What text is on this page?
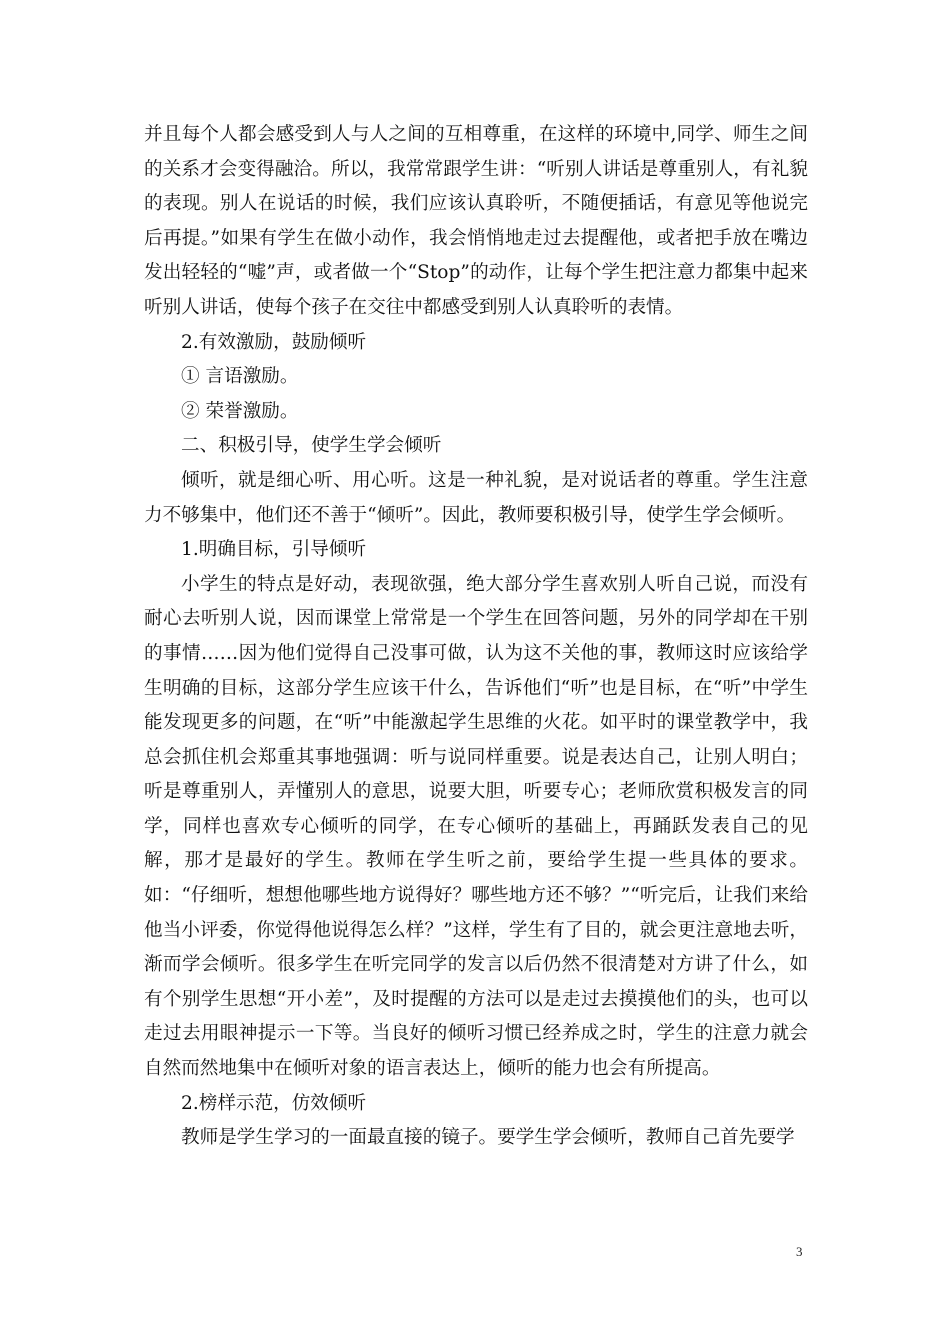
并且每个人都会感受到人与人之间的互相尊重，在这样的环境中,同学、师生之间的关系才会变得融洽。所以，我常常跟学生讲：“听别人讲话是尊重别人，有礼貌的表现。别人在说话的时候，我们应该认真聆听，不随便插话，有意见等他说完后再提。”如果有学生在做小动作，我会悄悄地走过去提醒他，或者把手放在嘴边发出轻轻的“嘘”声，或者做一个“Stop”的动作，让每个学生把注意力都集中起来听别人讲话，使每个孩子在交往中都感受到别人认真聆听的表情。

2.有效激励，鼓励倾听

① 言语激励。

② 荣誉激励。

二、积极引导，使学生学会倾听

倾听，就是细心听、用心听。这是一种礼貌，是对说话者的尊重。学生注意力不够集中，他们还不善于“倾听”。因此，教师要积极引导，使学生学会倾听。

1.明确目标，引导倾听

小学生的特点是好动，表现欲强，绝大部分学生喜欢别人听自己说，而没有耐心去听别人说，因而课堂上常常是一个学生在回答问题，另外的同学却在干别的事情……因为他们觉得自己没事可做，认为这不关他的事，教师这时应该给学生明确的目标，这部分学生应该干什么，告诉他们“听”也是目标，在“听”中学生能发现更多的问题，在“听”中能激起学生思维的火花。如平时的课堂教学中，我总会抓住机会郑重其事地强调：听与说同样重要。说是表达自己，让别人明白；听是尊重别人，弄懂别人的意思，说要大胆，听要专心；老师欣赏积极发言的同学，同样也喜欢专心倾听的同学，在专心倾听的基础上，再踊跃发表自己的见解，那才是最好的学生。教师在学生听之前，要给学生提一些具体的要求。如：“仔细听，想想他哪些地方说得好？哪些地方还不够？”“听完后，让我们来给他当小评委，你觉得他说得怎么样？”这样，学生有了目的，就会更注意地去听，渐而学会倾听。很多学生在听完同学的发言以后仍然不很清楚对方讲了什么，如有个别学生思想“开小差”，及时提醒的方法可以是走过去摸摸他们的头，也可以走过去用眼神提示一下等。当良好的倾听习惯已经养成之时，学生的注意力就会自然而然地集中在倾听对象的语言表达上，倾听的能力也会有所提高。

2.榜样示范，仿效倾听

教师是学生学习的一面最直接的镜子。要学生学会倾听，教师自己首先要学

3
